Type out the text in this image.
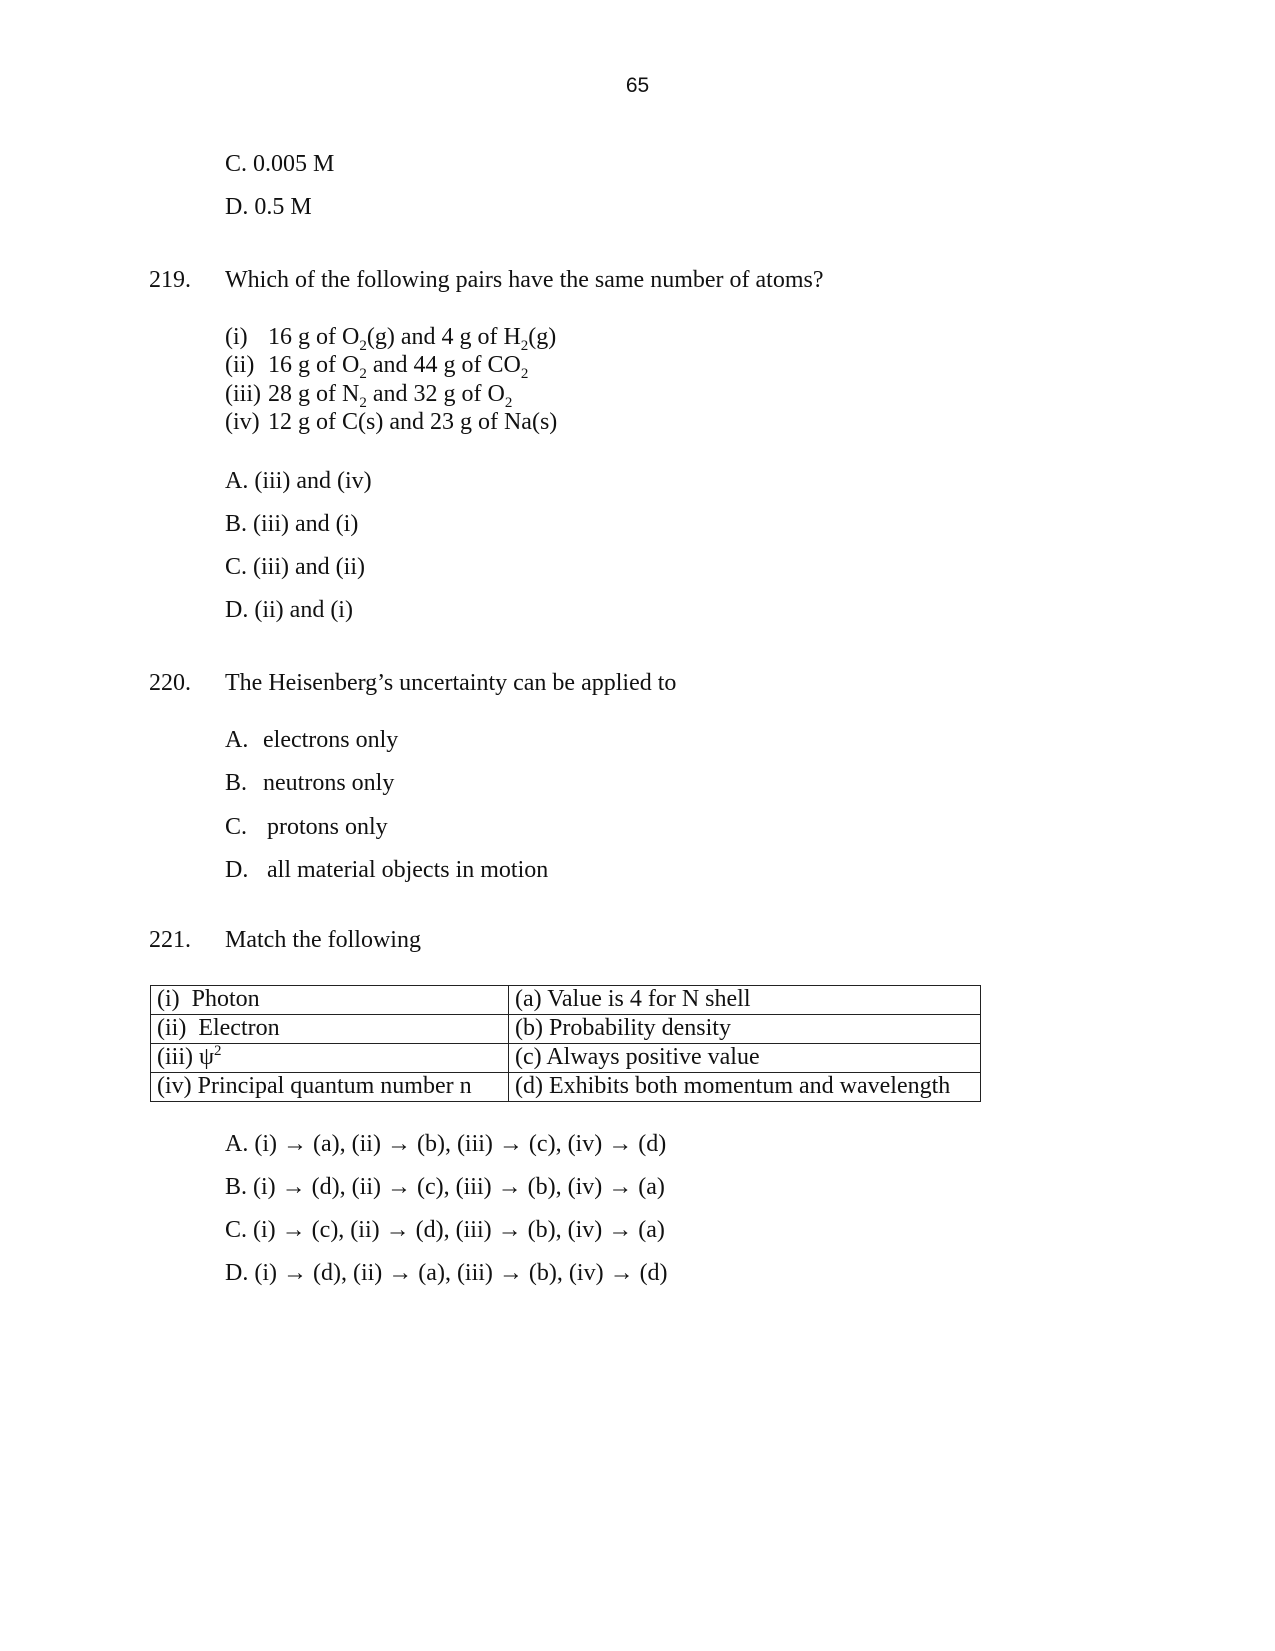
65
C. 0.005 M
D. 0.5 M
219. Which of the following pairs have the same number of atoms?
(i) 16 g of $O_2(g)$ and 4 g of $H_2(g)$
(ii) 16 g of $O_2$ and 44 g of $CO_2$
(iii) 28 g of $N_2$ and 32 g of $O_2$
(iv) 12 g of C(s) and 23 g of Na(s)
A. (iii) and (iv)
B. (iii) and (i)
C. (iii) and (ii)
D. (ii) and (i)
220. The Heisenberg’s uncertainty can be applied to
A. electrons only
B. neutrons only
C. protons only
D. all material objects in motion
221. Match the following
(i)  Photon	(a) Value is 4 for N shell
(ii)  Electron	(b) Probability density
(iii) $\psi^2$	(c) Always positive value
(iv) Principal quantum number n	(d) Exhibits both momentum and wavelength
A. (i) → (a), (ii) → (b), (iii) → (c), (iv) → (d)
B. (i) → (d), (ii) → (c), (iii) → (b), (iv) → (a)
C. (i) → (c), (ii) → (d), (iii) → (b), (iv) → (a)
D. (i) → (d), (ii) → (a), (iii) → (b), (iv) → (d)
